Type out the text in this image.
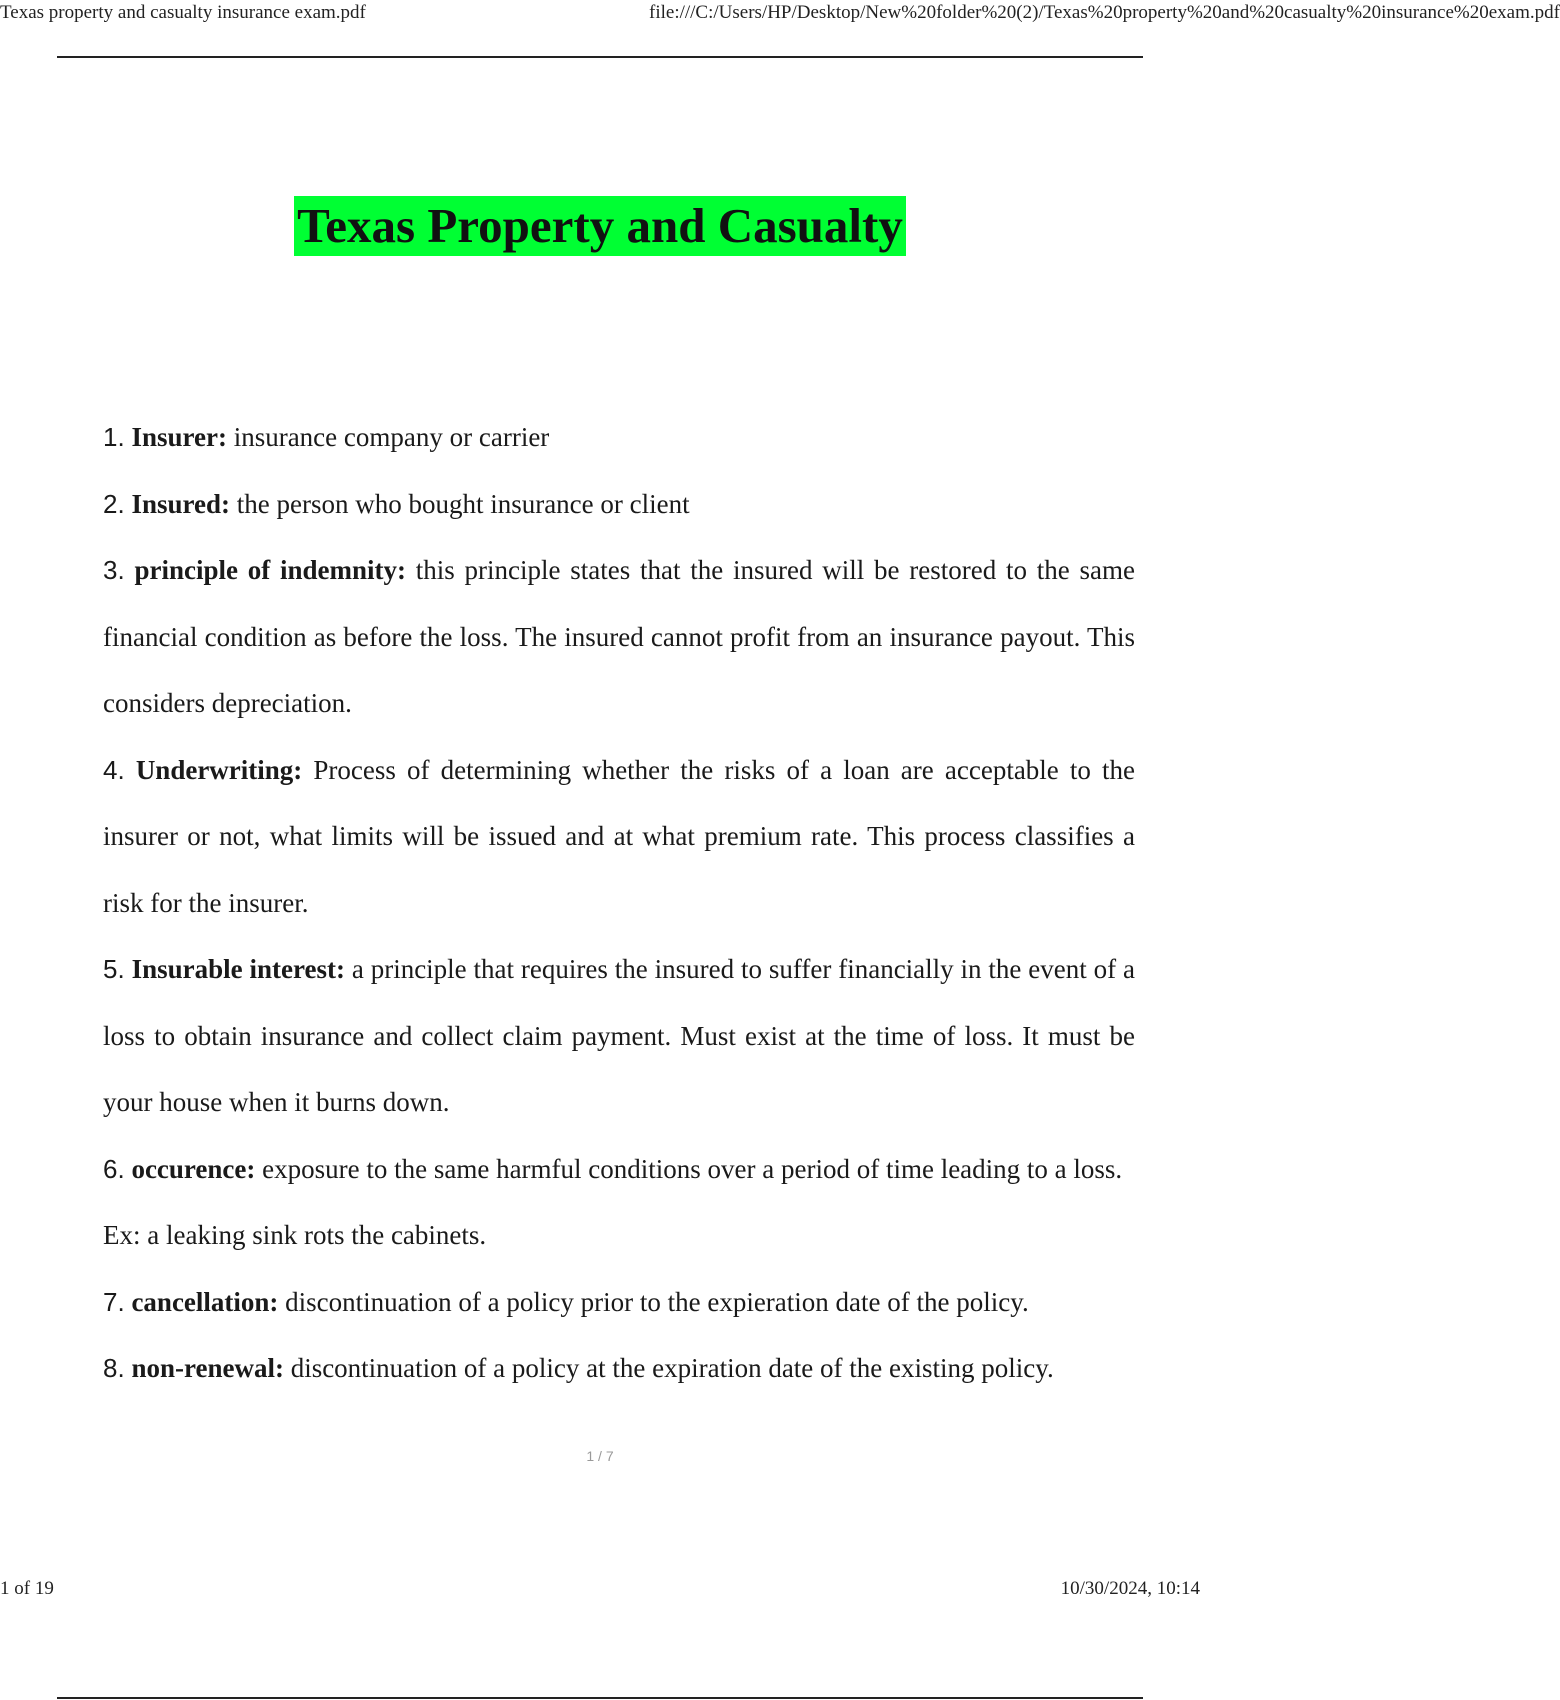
Texas property and casualty insurance exam.pdf	file:///C:/Users/HP/Desktop/New%20folder%20(2)/Texas%20property%20and%20casualty%20insurance%20exam.pdf
Texas Property and Casualty

1. Insurer: insurance company or carrier

2. Insured: the person who bought insurance or client

3. principle of indemnity: this principle states that the insured will be restored to the same financial condition as before the loss. The insured cannot profit from an insurance payout. This considers depreciation.

4. Underwriting: Process of determining whether the risks of a loan are acceptable to the insurer or not, what limits will be issued and at what premium rate. This process classifies a risk for the insurer.

5. Insurable interest: a principle that requires the insured to suffer financially in the event of a loss to obtain insurance and collect claim payment. Must exist at the time of loss. It must be your house when it burns down.

6. occurence: exposure to the same harmful conditions over a period of time leading to a loss. Ex: a leaking sink rots the cabinets.

7. cancellation: discontinuation of a policy prior to the expieration date of the policy.

8. non-renewal: discontinuation of a policy at the expiration date of the existing policy.

1 / 7
1 of 19	10/30/2024, 10:14
